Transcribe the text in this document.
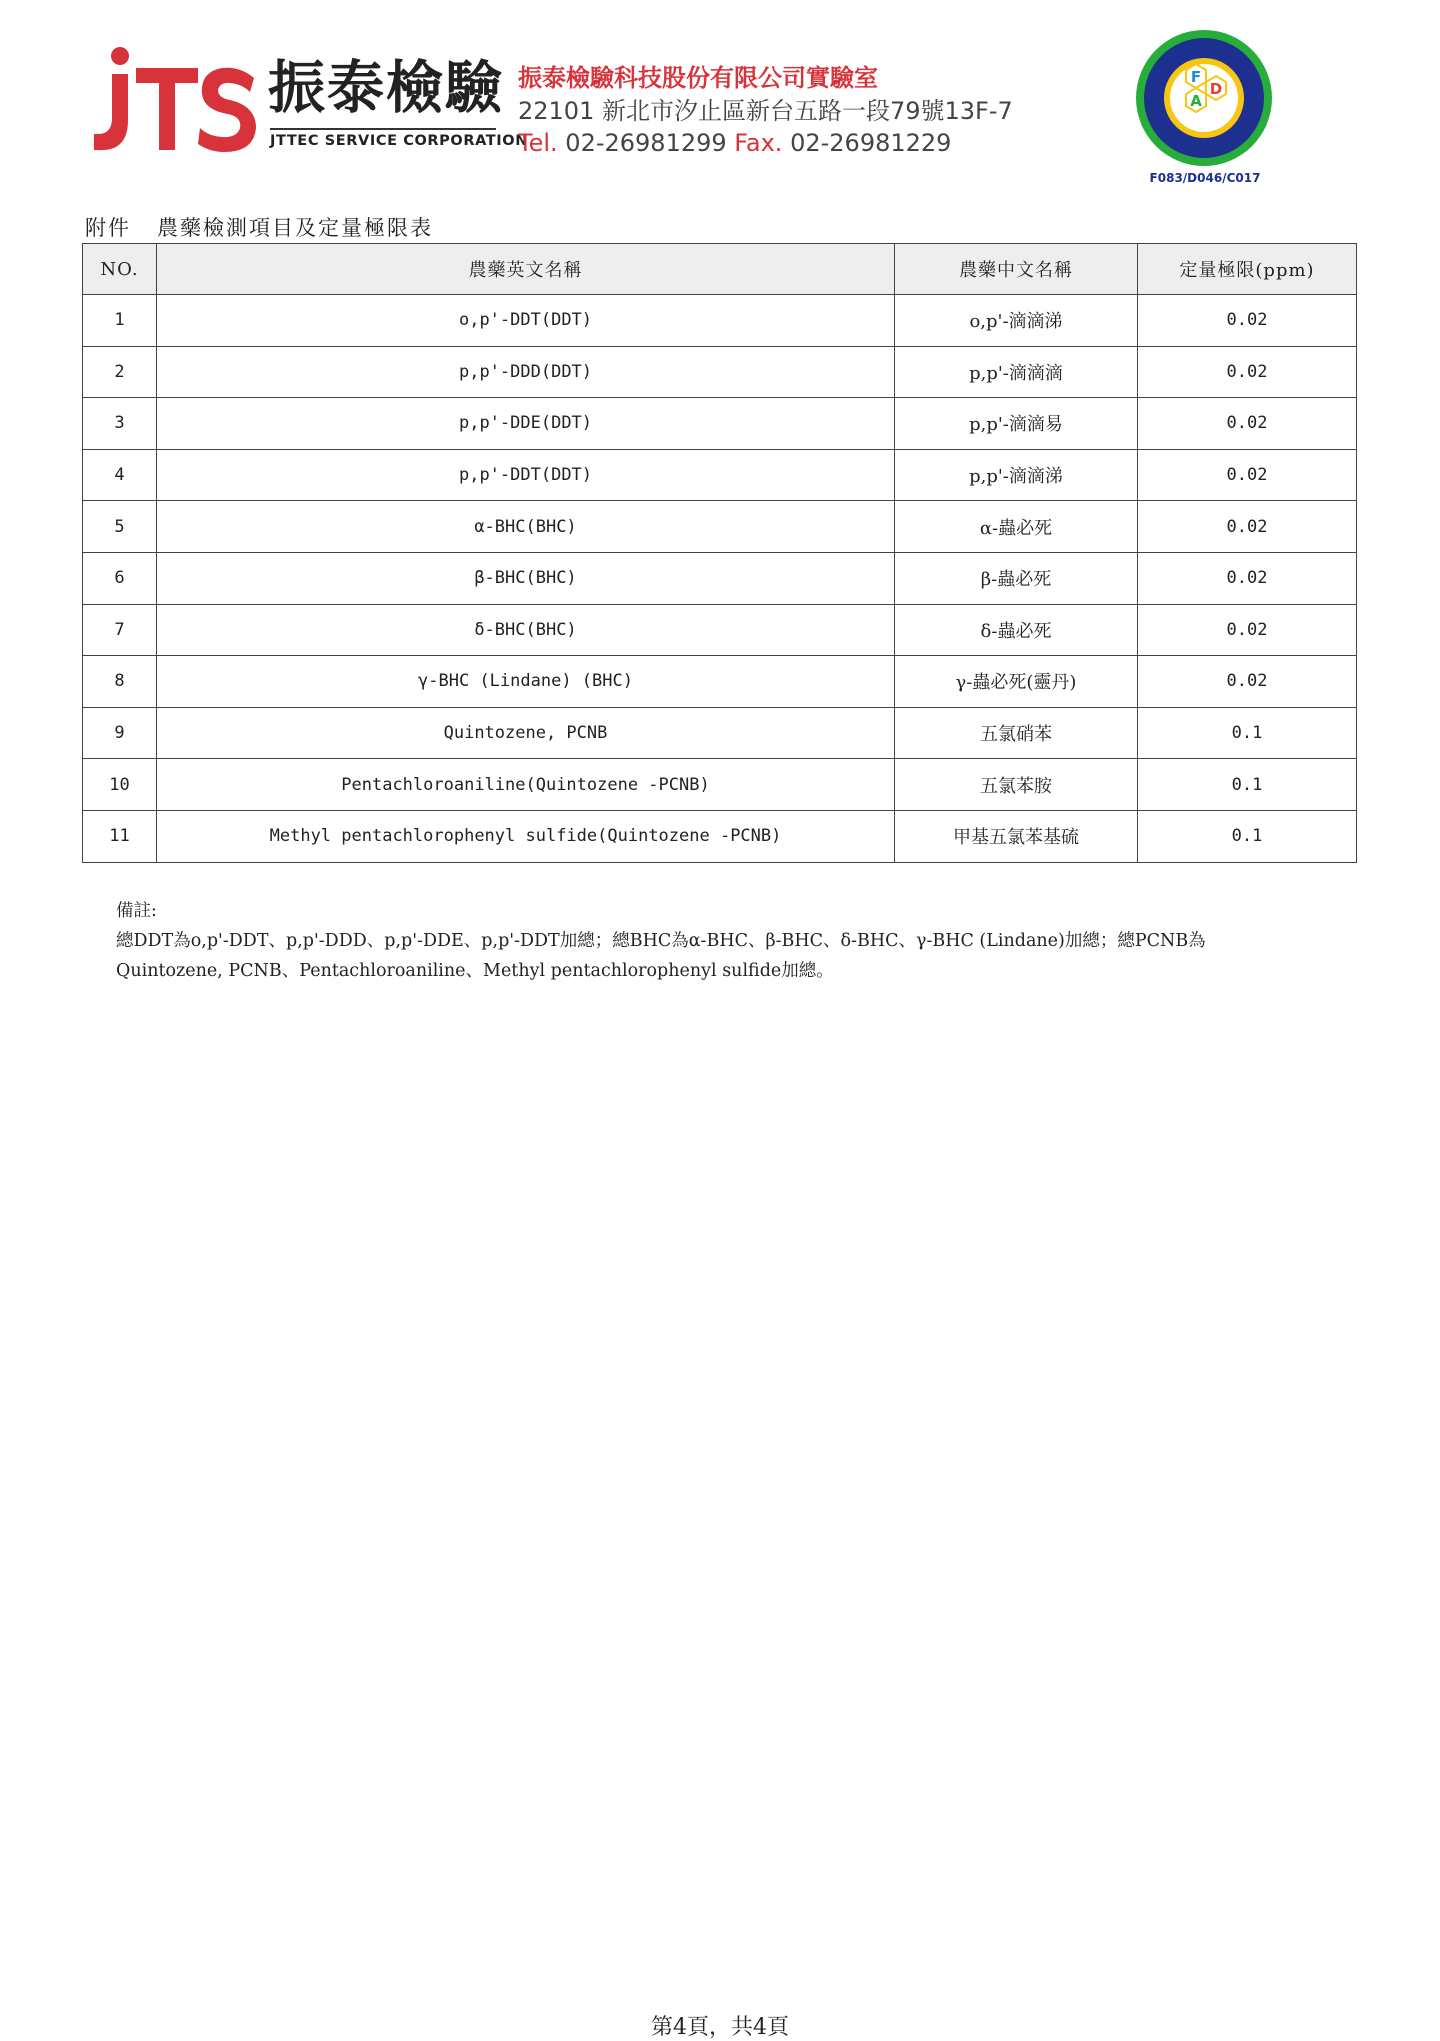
振泰檢驗
JTTEC SERVICE CORPORATION
振泰檢驗科技股份有限公司實驗室
22101 新北市汐止區新台五路一段79號13F-7
Tel. 02-26981299 Fax. 02-26981229
F
D
A
F083/D046/C017
附件 農藥檢測項目及定量極限表
NO.	農藥英文名稱	農藥中文名稱	定量極限(ppm)
1	o,p'-DDT(DDT)	o,p'-滴滴涕	0.02
2	p,p'-DDD(DDT)	p,p'-滴滴滴	0.02
3	p,p'-DDE(DDT)	p,p'-滴滴易	0.02
4	p,p'-DDT(DDT)	p,p'-滴滴涕	0.02
5	α-BHC(BHC)	α-蟲必死	0.02
6	β-BHC(BHC)	β-蟲必死	0.02
7	δ-BHC(BHC)	δ-蟲必死	0.02
8	γ-BHC (Lindane) (BHC)	γ-蟲必死(靈丹)	0.02
9	Quintozene, PCNB	五氯硝苯	0.1
10	Pentachloroaniline(Quintozene -PCNB)	五氯苯胺	0.1
11	Methyl pentachlorophenyl sulfide(Quintozene -PCNB)	甲基五氯苯基硫	0.1
備註:
總DDT為o,p'-DDT、p,p'-DDD、p,p'-DDE、p,p'-DDT加總；總BHC為α-BHC、β-BHC、δ-BHC、γ-BHC (Lindane)加總；總PCNB為
Quintozene, PCNB、Pentachloroaniline、Methyl pentachlorophenyl sulfide加總。
第4頁，共4頁
